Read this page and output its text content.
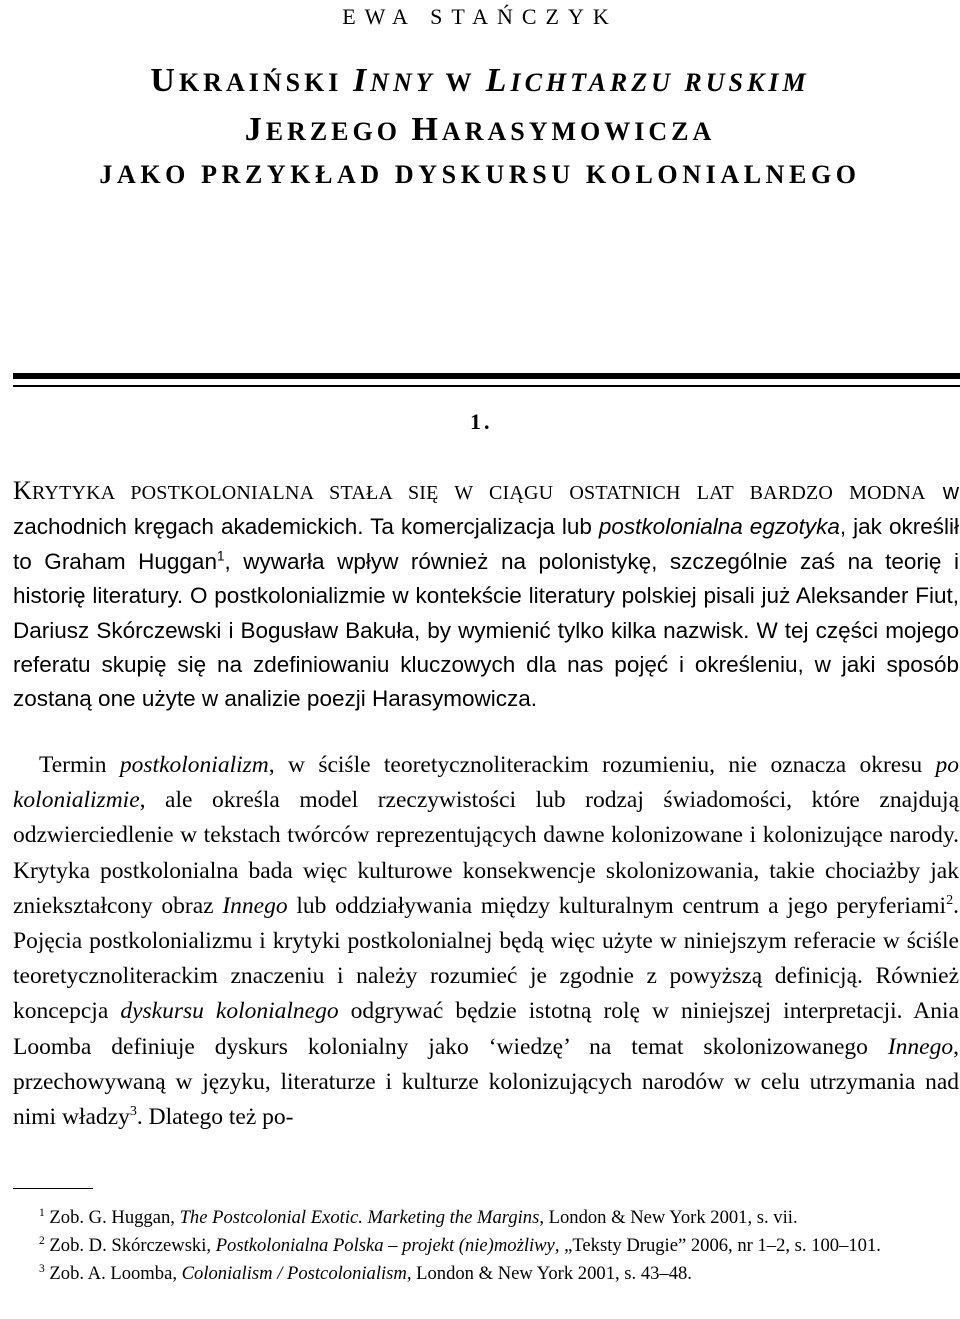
EWA STAŃCZYK
UKRAIŃSKI INNY W LICHTARZU RUSKIM
JERZEGO HARASYMOWICZA
JAKO PRZYKŁAD DYSKURSU KOLONIALNEGO
1.

KRYTYKA POSTKOLONIALNA STAŁA SIĘ W CIĄGU OSTATNICH LAT BARDZO MODNA w zachodnich kręgach akademickich. Ta komercjalizacja lub postkolonialna egzotyka, jak określił to Graham Huggan$^1$, wywarła wpływ również na polonistykę, szczególnie zaś na teorię i historię literatury. O postkolonializmie w kontekście literatury polskiej pisali już Aleksander Fiut, Dariusz Skórczewski i Bogusław Bakuła, by wymienić tylko kilka nazwisk. W tej części mojego referatu skupię się na zdefiniowaniu kluczowych dla nas pojęć i określeniu, w jaki sposób zostaną one użyte w analizie poezji Harasymowicza.

Termin postkolonializm, w ściśle teoretycznoliterackim rozumieniu, nie oznacza okresu po kolonializmie, ale określa model rzeczywistości lub rodzaj świadomości, które znajdują odzwierciedlenie w tekstach twórców reprezentujących dawne kolonizowane i kolonizujące narody. Krytyka postkolonialna bada więc kulturowe konsekwencje skolonizowania, takie chociażby jak zniekształcony obraz Innego lub oddziaływania między kulturalnym centrum a jego peryferiami$^2$. Pojęcia postkolonializmu i krytyki postkolonialnej będą więc użyte w niniejszym referacie w ściśle teoretycznoliterackim znaczeniu i należy rozumieć je zgodnie z powyższą definicją. Również koncepcja dyskursu kolonialnego odgrywać będzie istotną rolę w niniejszej interpretacji. Ania Loomba definiuje dyskurs kolonialny jako ‘wiedzę’ na temat skolonizowanego Innego, przechowywaną w języku, literaturze i kulturze kolonizujących narodów w celu utrzymania nad nimi władzy$^3$. Dlatego też po-

$^1$ Zob. G. Huggan, The Postcolonial Exotic. Marketing the Margins, London & New York 2001, s. vii.
$^2$ Zob. D. Skórczewski, Postkolonialna Polska – projekt (nie)możliwy, „Teksty Drugie” 2006, nr 1–2, s. 100–101.
$^3$ Zob. A. Loomba, Colonialism / Postcolonialism, London & New York 2001, s. 43–48.
